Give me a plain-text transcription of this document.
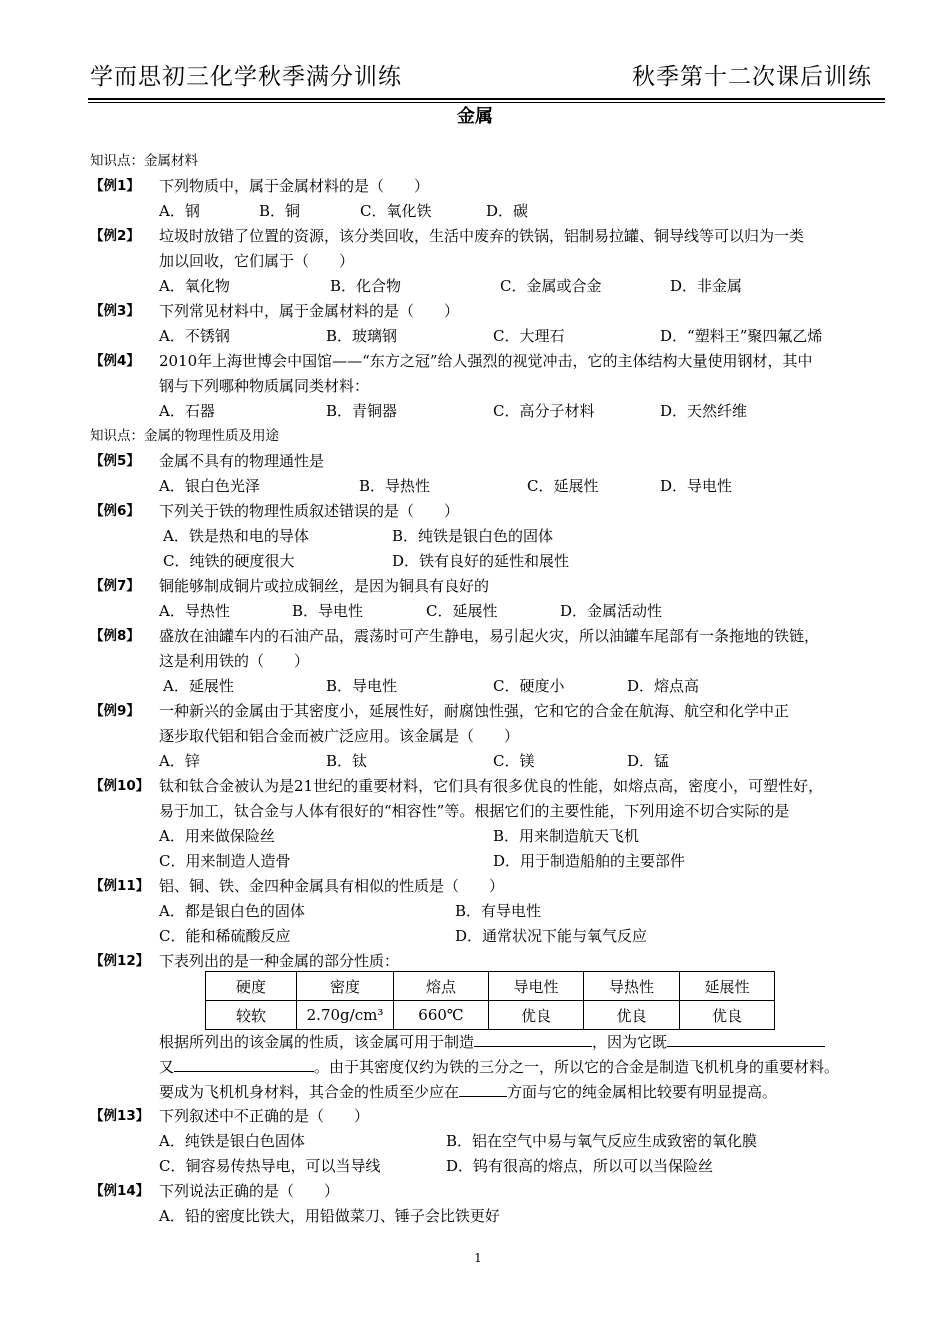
学而思初三化学秋季满分训练	秋季第十二次课后训练
金属
知识点：金属材料
【例1】 下列物质中，属于金属材料的是（　　）
A．钢	B．铜	C．氧化铁	D．碳
【例2】 垃圾时放错了位置的资源，该分类回收，生活中废弃的铁锅，铝制易拉罐、铜导线等可以归为一类
加以回收，它们属于（　　）
A．氧化物	B．化合物	C．金属或合金	D．非金属
【例3】 下列常见材料中，属于金属材料的是（　　）
A．不锈钢	B．玻璃钢	C．大理石	D．“塑料王”聚四氟乙烯
【例4】 2010年上海世博会中国馆——“东方之冠”给人强烈的视觉冲击，它的主体结构大量使用钢材，其中
钢与下列哪种物质属同类材料：
A．石器	B．青铜器	C．高分子材料	D．天然纤维
知识点：金属的物理性质及用途
【例5】 金属不具有的物理通性是
A．银白色光泽	B．导热性	C．延展性	D．导电性
【例6】 下列关于铁的物理性质叙述错误的是（　　）
A．铁是热和电的导体	B．纯铁是银白色的固体
C．纯铁的硬度很大	D．铁有良好的延性和展性
【例7】 铜能够制成铜片或拉成铜丝，是因为铜具有良好的
A．导热性	B．导电性	C．延展性	D．金属活动性
【例8】 盛放在油罐车内的石油产品，震荡时可产生静电，易引起火灾，所以油罐车尾部有一条拖地的铁链，
这是利用铁的（　　）
A．延展性	B．导电性	C．硬度小	D．熔点高
【例9】 一种新兴的金属由于其密度小，延展性好，耐腐蚀性强，它和它的合金在航海、航空和化学中正
逐步取代铝和铝合金而被广泛应用。该金属是（　　）
A．锌	B．钛	C．镁	D．锰
【例10】 钛和钛合金被认为是21世纪的重要材料，它们具有很多优良的性能，如熔点高，密度小，可塑性好，
易于加工，钛合金与人体有很好的“相容性”等。根据它们的主要性能，下列用途不切合实际的是
A．用来做保险丝	B．用来制造航天飞机
C．用来制造人造骨	D．用于制造船舶的主要部件
【例11】 铝、铜、铁、金四种金属具有相似的性质是（　　）
A．都是银白色的固体	B．有导电性
C．能和稀硫酸反应	D．通常状况下能与氧气反应
【例12】 下表列出的是一种金属的部分性质：
硬度	密度	熔点	导电性	导热性	延展性
较软	2.70g/cm³	660℃	优良	优良	优良
根据所列出的该金属的性质，该金属可用于制造	，因为它既
又	。由于其密度仅约为铁的三分之一，所以它的合金是制造飞机机身的重要材料。
要成为飞机机身材料，其合金的性质至少应在	方面与它的纯金属相比较要有明显提高。
【例13】 下列叙述中不正确的是（　　）
A．纯铁是银白色固体	B．铝在空气中易与氧气反应生成致密的氧化膜
C．铜容易传热导电，可以当导线	D．钨有很高的熔点，所以可以当保险丝
【例14】 下列说法正确的是（　　）
A．铅的密度比铁大，用铅做菜刀、锤子会比铁更好
1
